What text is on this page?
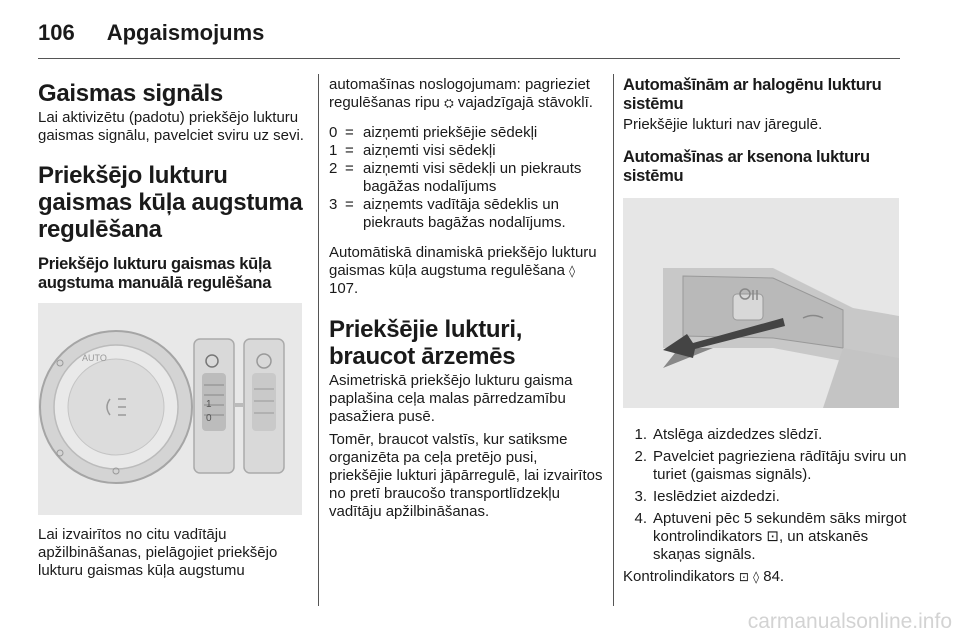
106 Apgaismojums
Gaismas signāls

Lai aktivizētu (padotu) priekšējo lukturu gaismas signālu, pavelciet sviru uz sevi.

Priekšējo lukturu gaismas kūļa augstuma regulēšana
Priekšējo lukturu gaismas kūļa augstuma manuālā regulēšana
AUTO
1
0

Lai izvairītos no citu vadītāju apžilbināšanas, pielāgojiet priekšējo lukturu gaismas kūļa augstumu

automašīnas noslogojumam: pagrieziet regulēšanas ripu ⛭ vajadzīgajā stāvoklī.

0 = aizņemti priekšējie sēdekļi
1 = aizņemti visi sēdekļi
2 = aizņemti visi sēdekļi un piekrauts bagāžas nodalījums
3 = aizņemts vadītāja sēdeklis un piekrauts bagāžas nodalījums.

Automātiskā dinamiskā priekšējo lukturu gaismas kūļa augstuma regulēšana ◊ 107.

Priekšējie lukturi, braucot ārzemēs

Asimetriskā priekšējo lukturu gaisma paplašina ceļa malas pārredzamību pasažiera pusē.

Tomēr, braucot valstīs, kur satiksme organizēta pa ceļa pretējo pusi, priekšējie lukturi jāpārregulē, lai izvairītos no pretī braucošo transportlīdzekļu vadītāju apžilbināšanas.

Automašīnām ar halogēnu lukturu sistēmu

Priekšējie lukturi nav jāregulē.

Automašīnas ar ksenona lukturu sistēmu
1. Atslēga aizdedzes slēdzī.
2. Pavelciet pagrieziena rādītāju sviru un turiet (gaismas signāls).
3. Ieslēdziet aizdedzi.
4. Aptuveni pēc 5 sekundēm sāks mirgot kontrolindikators ⊡, un atskanēs skaņas signāls.

Kontrolindikators ⊡ ◊ 84.

carmanualsonline.info
